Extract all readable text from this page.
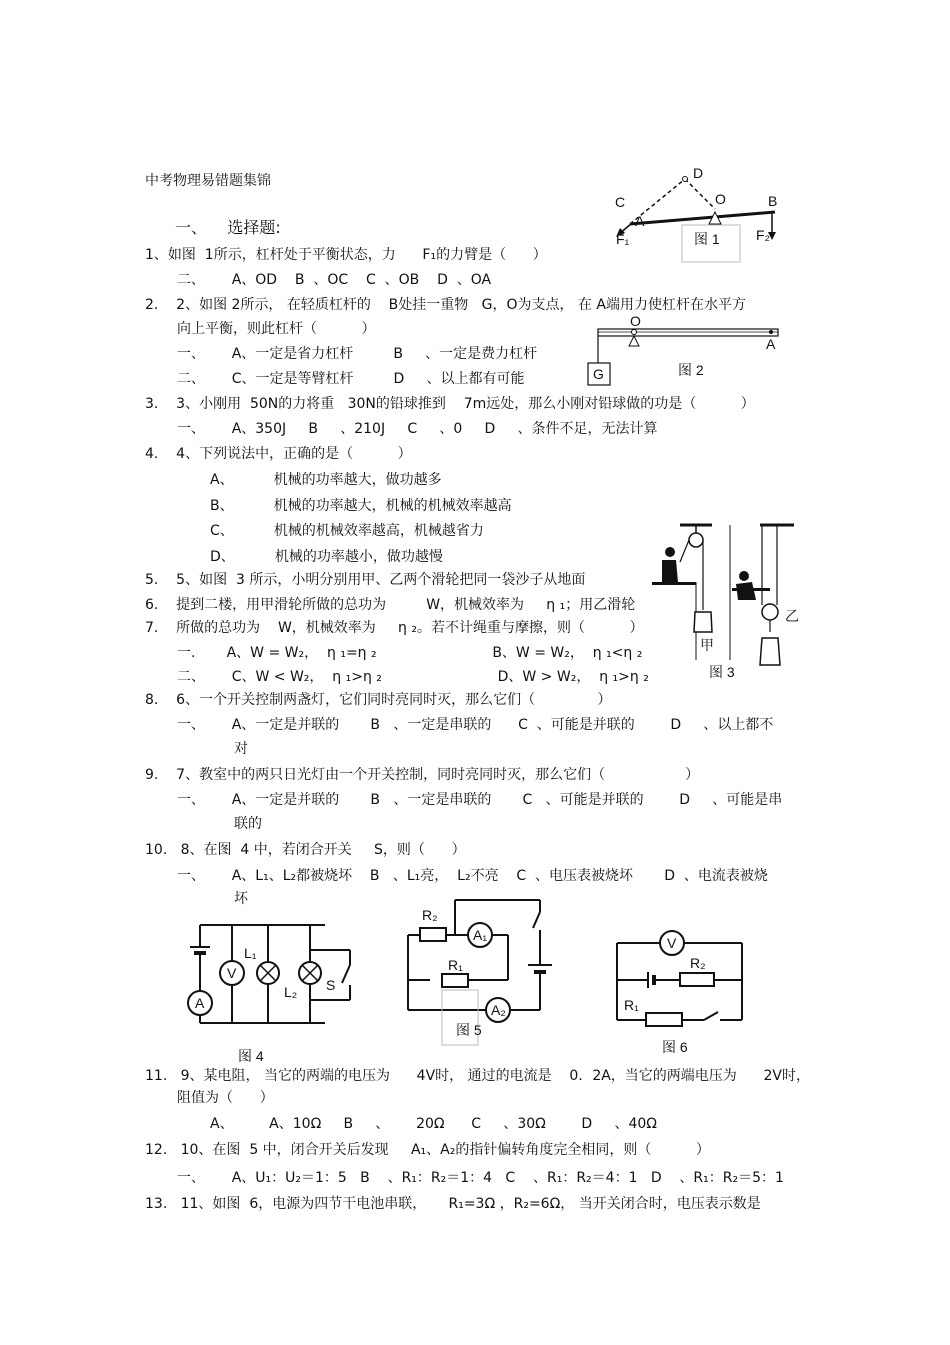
中考物理易错题集锦
一、    选择题:
1、如图  1所示，杠杆处于平衡状态，力      F₁的力臂是（      ）
二、      A、OD    B  、OC    C  、OB    D  、OA
2.    2、如图 2所示， 在轻质杠杆的    B处挂一重物   G，O为支点， 在 A端用力使杠杆在水平方
向上平衡，则此杠杆（          ）
一、      A、一定是省力杠杆         B     、一定是费力杠杆
二、      C、一定是等臂杠杆         D     、以上都有可能
3.    3、小刚用  50N的力将重   30N的铅球推到    7m远处，那么小刚对铅球做的功是（          ）
一、      A、350J     B     、210J     C     、0     D     、条件不足，无法计算
4.    4、下列说法中，正确的是（          ）
A、         机械的功率越大，做功越多
B、         机械的功率越大，机械的机械效率越高
C、         机械的机械效率越高，机械越省力
D、         机械的功率越小，做功越慢
5.    5、如图  3 所示，小明分别用甲、乙两个滑轮把同一袋沙子从地面
6.    提到二楼，用甲滑轮所做的总功为         W，机械效率为     η ₁；用乙滑轮
7.    所做的总功为    W，机械效率为     η ₂。若不计绳重与摩擦，则（          ）
一.       A、W = W₂，  η ₁=η ₂                          B、W = W₂，  η ₁<η ₂
二、      C、W < W₂，  η ₁>η ₂                          D、W > W₂，  η ₁>η ₂
8.    6、一个开关控制两盏灯，它们同时亮同时灭，那么它们（              ）
一、      A、一定是并联的       B   、一定是串联的      C  、可能是并联的        D     、以上都不
对
9.    7、教室中的两只日光灯由一个开关控制，同时亮同时灭，那么它们（                  ）
一、      A、一定是并联的       B   、一定是串联的       C   、可能是并联的        D     、可能是串
联的
10.   8、在图  4 中，若闭合开关     S，则（      ）
一、      A、L₁、L₂都被烧坏    B   、L₁亮，  L₂不亮    C  、电压表被烧坏       D  、电流表被烧
坏
11.   9、某电阻， 当它的两端的电压为      4V时， 通过的电流是    0．2A，当它的两端电压为      2V时，
阻值为（      ）
A、        A、10Ω     B     、      20Ω      C     、30Ω        D     、40Ω
12.   10、在图  5 中，闭合开关后发现     A₁、A₂的指针偏转角度完全相同，则（          ）
一、      A、U₁：U₂＝1：5   B    、R₁：R₂＝1：4   C    、R₁：R₂＝4：1   D    、R₁：R₂＝5：1
13.   11、如图  6，电源为四节干电池串联，     R₁=3Ω ，R₂=6Ω， 当开关闭合时，电压表示数是
D
C	O	B
A
F₁	F₂
图 1
O
A
G	图 2
甲
乙
图 3
V
A
L₁
L₂ S
图 4
R₂
R₁
A₁
A₂
图 5
V
R₂
R₁
图 6
